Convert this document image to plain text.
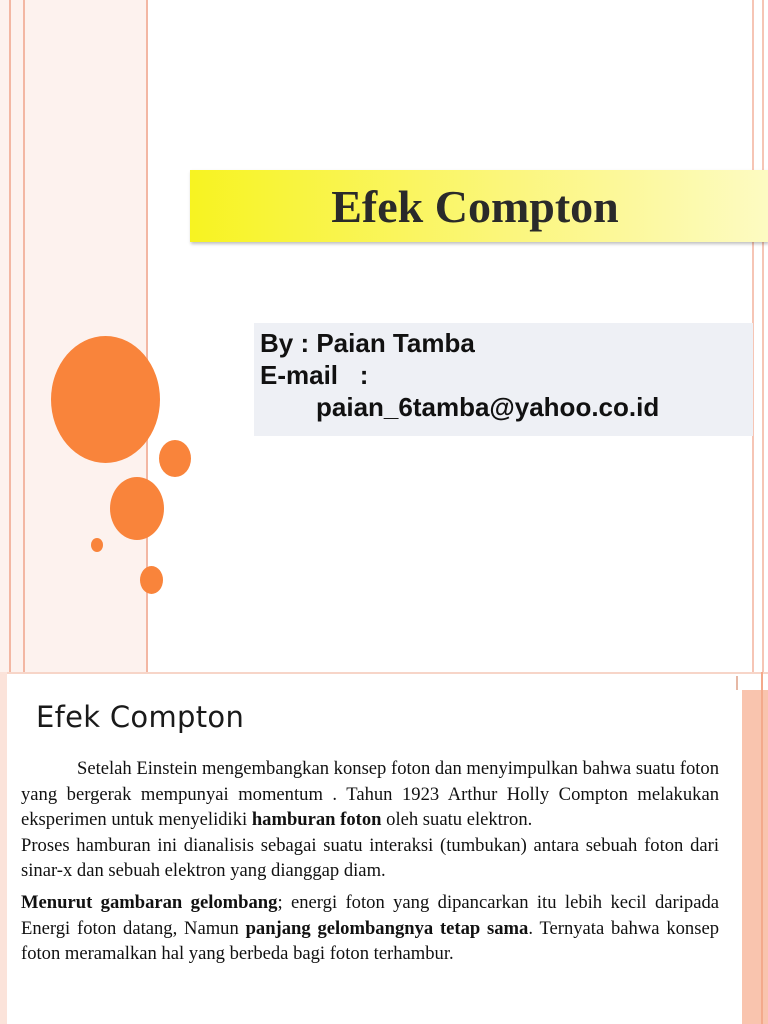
Efek Compton
By : Paian Tamba
E-mail   :
paian_6tamba@yahoo.co.id
Efek Compton

Setelah Einstein mengembangkan konsep foton dan menyimpulkan bahwa suatu foton yang bergerak mempunyai momentum . Tahun 1923 Arthur Holly Compton melakukan eksperimen untuk menyelidiki hamburan foton oleh suatu elektron.

Proses hamburan ini dianalisis sebagai suatu interaksi (tumbukan) antara sebuah foton dari sinar-x dan sebuah elektron yang dianggap diam.

Menurut gambaran gelombang; energi foton yang dipancarkan itu lebih kecil daripada Energi foton datang, Namun panjang gelombangnya tetap sama. Ternyata bahwa konsep foton meramalkan hal yang berbeda bagi foton terhambur.
